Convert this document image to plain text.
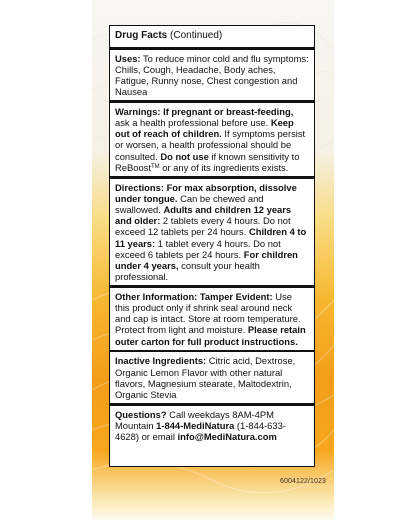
Drug Facts (Continued)

Uses: To reduce minor cold and flu symptoms: Chills, Cough, Headache, Body aches, Fatigue, Runny nose, Chest congestion and Nausea

Warnings: If pregnant or breast-feeding, ask a health professional before use. Keep out of reach of children. If symptoms persist or worsen, a health professional should be consulted. Do not use if known sensitivity to ReBoost™ or any of its ingredients exists.

Directions: For max absorption, dissolve under tongue. Can be chewed and swallowed. Adults and children 12 years and older: 2 tablets every 4 hours. Do not exceed 12 tablets per 24 hours. Children 4 to 11 years: 1 tablet every 4 hours. Do not exceed 6 tablets per 24 hours. For children under 4 years, consult your health professional.

Other Information: Tamper Evident: Use this product only if shrink seal around neck and cap is intact. Store at room temperature. Protect from light and moisture. Please retain outer carton for full product instructions.

Inactive Ingredients: Citric acid, Dextrose, Organic Lemon Flavor with other natural flavors, Magnesium stearate, Maltodextrin, Organic Stevia

Questions? Call weekdays 8AM-4PM Mountain 1-844-MediNatura (1-844-633-4628) or email info@MediNatura.com

6004122/1023
